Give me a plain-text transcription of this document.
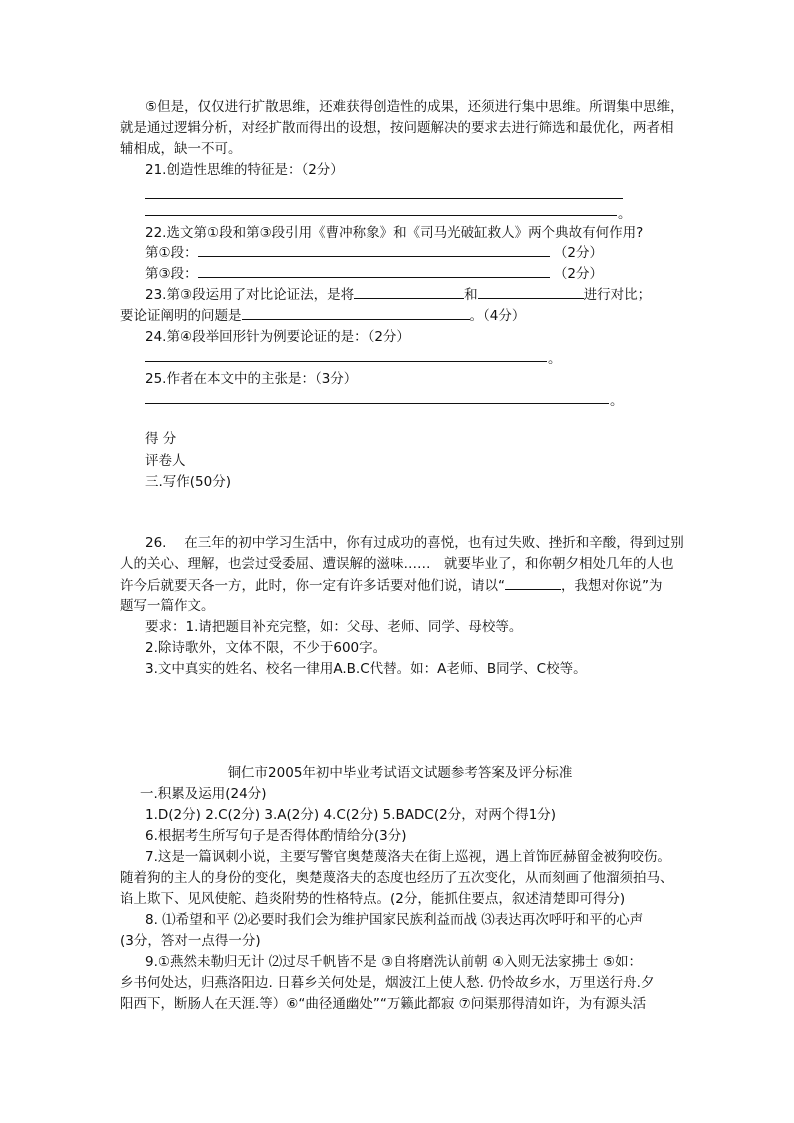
⑤但是，仅仅进行扩散思维，还难获得创造性的成果，还须进行集中思维。所谓集中思维，
就是通过逻辑分析，对经扩散而得出的设想，按问题解决的要求去进行筛选和最优化，两者相
辅相成，缺一不可。
21.创造性思维的特征是：（2分）
。
22.选文第①段和第③段引用《曹冲称象》和《司马光破缸救人》两个典故有何作用?
第①段：	（2分）
第③段：	（2分）
23.第③段运用了对比论证法，是将	和	进行对比；
要论证阐明的问题是	。（4分）
24.第④段举回形针为例要论证的是：（2分）
。
25.作者在本文中的主张是：（3分）
。
得 分
评卷人
三.写作(50分)
26.　 在三年的初中学习生活中，你有过成功的喜悦，也有过失败、挫折和辛酸，得到过别
人的关心、理解，也尝过受委屈、遭误解的滋味……　就要毕业了，和你朝夕相处几年的人也
许今后就要天各一方，此时，你一定有许多话要对他们说，请以“	，我想对你说”为
题写一篇作文。
要求：1.请把题目补充完整，如：父母、老师、同学、母校等。
2.除诗歌外，文体不限，不少于600字。
3.文中真实的姓名、校名一律用A.B.C代替。如：A老师、B同学、C校等。
铜仁市2005年初中毕业考试语文试题参考答案及评分标准
一.积累及运用(24分)
1.D(2分) 2.C(2分) 3.A(2分) 4.C(2分) 5.BADC(2分，对两个得1分)
6.根据考生所写句子是否得体酌情给分(3分)
7.这是一篇讽刺小说，主要写警官奥楚蔑洛夫在街上巡视，遇上首饰匠赫留金被狗咬伤。
随着狗的主人的身份的变化，奥楚蔑洛夫的态度也经历了五次变化，从而刻画了他溜须拍马、
谄上欺下、见风使舵、趋炎附势的性格特点。(2分，能抓住要点，叙述清楚即可得分)
8. ⑴希望和平 ⑵必要时我们会为维护国家民族利益而战 ⑶表达再次呼吁和平的心声
(3分，答对一点得一分)
9.①燕然未勒归无计 ⑵过尽千帆皆不是 ③自将磨洗认前朝 ④入则无法家拂士 ⑤如：
乡书何处达，归燕洛阳边. 日暮乡关何处是，烟波江上使人愁. 仍怜故乡水，万里送行舟.夕
阳西下，断肠人在天涯.等）⑥“曲径通幽处”“万籁此都寂 ⑦问渠那得清如许，为有源头活
